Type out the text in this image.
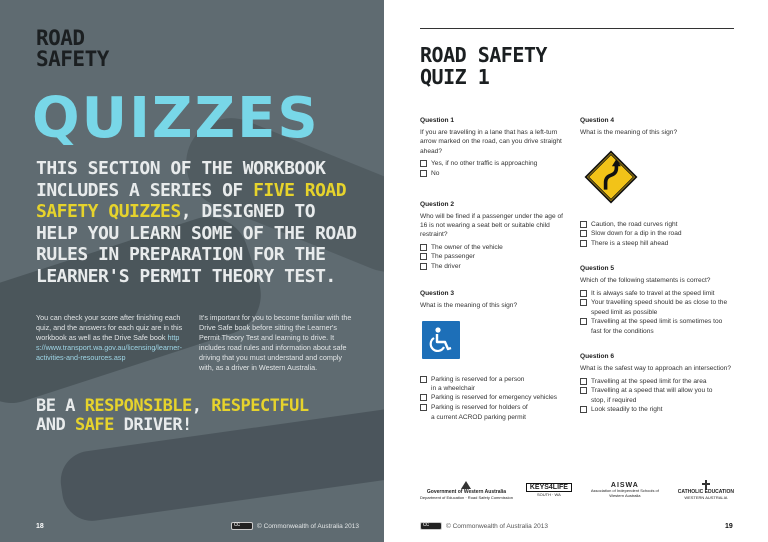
ROAD
SAFETY
QUIZZES
THIS SECTION OF THE WORKBOOK INCLUDES A SERIES OF FIVE ROAD SAFETY QUIZZES, DESIGNED TO HELP YOU LEARN SOME OF THE ROAD RULES IN PREPARATION FOR THE LEARNER'S PERMIT THEORY TEST.
You can check your score after finishing each quiz, and the answers for each quiz are in this workbook as well as the Drive Safe book https://www.transport.wa.gov.au/licensing/learner-activities-and-resources.asp
It's important for you to become familiar with the Drive Safe book before sitting the Learner's Permit Theory Test and learning to drive. It includes road rules and information about safe driving that you must understand and comply with, as a driver in Western Australia.
BE A RESPONSIBLE, RESPECTFUL
AND SAFE DRIVER!
18
cc	© Commonwealth of Australia 2013
ROAD SAFETY
QUIZ 1
Question 1
If you are travelling in a lane that has a left-turn arrow marked on the road, can you drive straight ahead?
Yes, if no other traffic is approaching
No
Question 2
Who will be fined if a passenger under the age of 16 is not wearing a seat belt or suitable child restraint?
The owner of the vehicle
The passenger
The driver
Question 3
What is the meaning of this sign?
Parking is reserved for a person
in a wheelchair
Parking is reserved for emergency vehicles
Parking is reserved for holders of
a current ACROD parking permit
Question 4
What is the meaning of this sign?
Caution, the road curves right
Slow down for a dip in the road
There is a steep hill ahead
Question 5
Which of the following statements is correct?
It is always safe to travel at the speed limit
Your travelling speed should be as close to the
speed limit as possible
Travelling at the speed limit is sometimes too
fast for the conditions
Question 6
What is the safest way to approach an intersection?
Travelling at the speed limit for the area
Travelling at a speed that will allow you to
stop, if required
Look steadily to the right
Government of Western Australia
Department of Education · Road Safety Commission
KEYS4LIFE
SOUTH · WA
AISWA
Association of Independent Schools of Western Australia	CATHOLIC EDUCATION
WESTERN AUSTRALIA
cc
© Commonwealth of Australia 2013	19
